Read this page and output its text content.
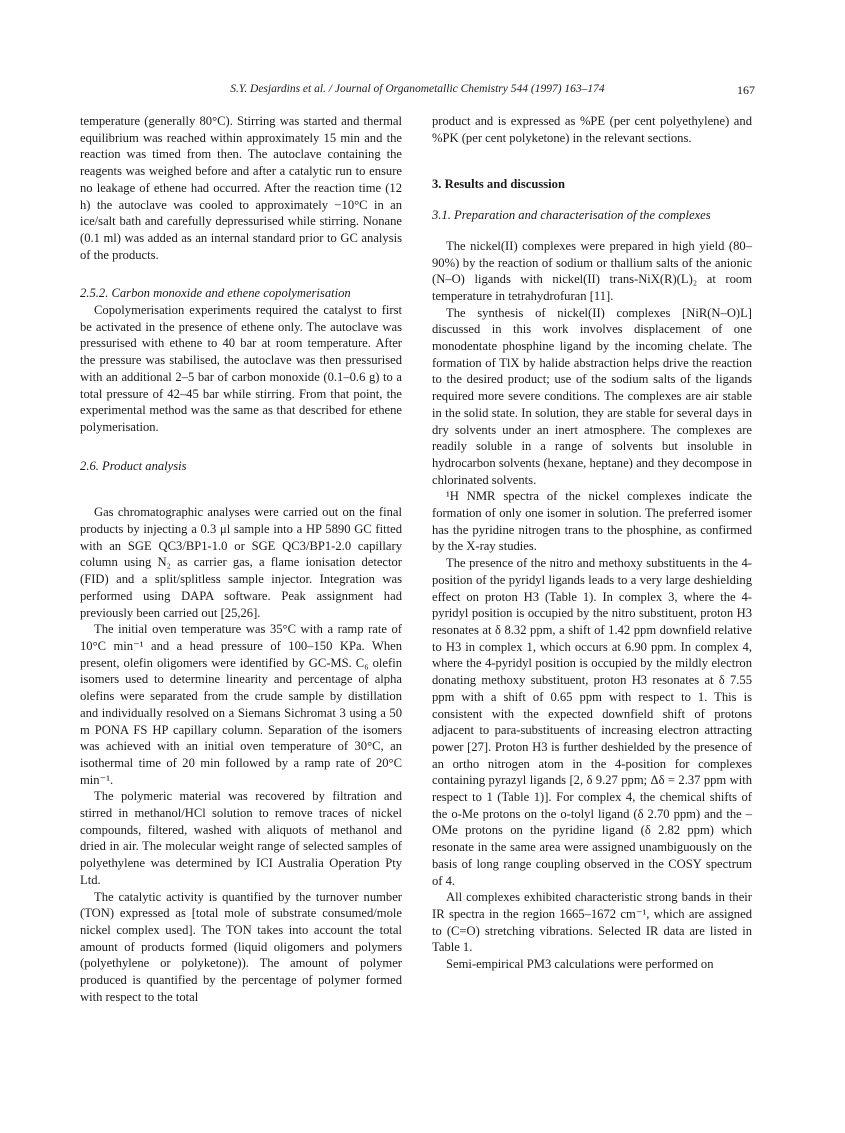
S.Y. Desjardins et al. / Journal of Organometallic Chemistry 544 (1997) 163–174	167

temperature (generally 80°C). Stirring was started and thermal equilibrium was reached within approximately 15 min and the reaction was timed from then. The autoclave containing the reagents was weighed before and after a catalytic run to ensure no leakage of ethene had occurred. After the reaction time (12 h) the autoclave was cooled to approximately −10°C in an ice/salt bath and carefully depressurised while stirring. Nonane (0.1 ml) was added as an internal standard prior to GC analysis of the products.

2.5.2. Carbon monoxide and ethene copolymerisation

Copolymerisation experiments required the catalyst to first be activated in the presence of ethene only. The autoclave was pressurised with ethene to 40 bar at room temperature. After the pressure was stabilised, the autoclave was then pressurised with an additional 2–5 bar of carbon monoxide (0.1–0.6 g) to a total pressure of 42–45 bar while stirring. From that point, the experimental method was the same as that described for ethene polymerisation.

2.6. Product analysis

Gas chromatographic analyses were carried out on the final products by injecting a 0.3 μl sample into a HP 5890 GC fitted with an SGE QC3/BP1-1.0 or SGE QC3/BP1-2.0 capillary column using N₂ as carrier gas, a flame ionisation detector (FID) and a split/splitless sample injector. Integration was performed using DAPA software. Peak assignment had previously been carried out [25,26].

The initial oven temperature was 35°C with a ramp rate of 10°C min⁻¹ and a head pressure of 100–150 KPa. When present, olefin oligomers were identified by GC-MS. C₆ olefin isomers used to determine linearity and percentage of alpha olefins were separated from the crude sample by distillation and individually resolved on a Siemans Sichromat 3 using a 50 m PONA FS HP capillary column. Separation of the isomers was achieved with an initial oven temperature of 30°C, an isothermal time of 20 min followed by a ramp rate of 20°C min⁻¹.

The polymeric material was recovered by filtration and stirred in methanol/HCl solution to remove traces of nickel compounds, filtered, washed with aliquots of methanol and dried in air. The molecular weight range of selected samples of polyethylene was determined by ICI Australia Operation Pty Ltd.

The catalytic activity is quantified by the turnover number (TON) expressed as [total mole of substrate consumed/mole nickel complex used]. The TON takes into account the total amount of products formed (liquid oligomers and polymers (polyethylene or polyketone)). The amount of polymer produced is quantified by the percentage of polymer formed with respect to the total

product and is expressed as %PE (per cent polyethylene) and %PK (per cent polyketone) in the relevant sections.

3. Results and discussion
3.1. Preparation and characterisation of the complexes

The nickel(II) complexes were prepared in high yield (80–90%) by the reaction of sodium or thallium salts of the anionic (N–O) ligands with nickel(II) trans-NiX(R)(L)₂ at room temperature in tetrahydrofuran [11].

The synthesis of nickel(II) complexes [NiR(N–O)L] discussed in this work involves displacement of one monodentate phosphine ligand by the incoming chelate. The formation of TlX by halide abstraction helps drive the reaction to the desired product; use of the sodium salts of the ligands required more severe conditions. The complexes are air stable in the solid state. In solution, they are stable for several days in dry solvents under an inert atmosphere. The complexes are readily soluble in a range of solvents but insoluble in hydrocarbon solvents (hexane, heptane) and they decompose in chlorinated solvents.

¹H NMR spectra of the nickel complexes indicate the formation of only one isomer in solution. The preferred isomer has the pyridine nitrogen trans to the phosphine, as confirmed by the X-ray studies.

The presence of the nitro and methoxy substituents in the 4-position of the pyridyl ligands leads to a very large deshielding effect on proton H3 (Table 1). In complex 3, where the 4-pyridyl position is occupied by the nitro substituent, proton H3 resonates at δ 8.32 ppm, a shift of 1.42 ppm downfield relative to H3 in complex 1, which occurs at 6.90 ppm. In complex 4, where the 4-pyridyl position is occupied by the mildly electron donating methoxy substituent, proton H3 resonates at δ 7.55 ppm with a shift of 0.65 ppm with respect to 1. This is consistent with the expected downfield shift of protons adjacent to para-substituents of increasing electron attracting power [27]. Proton H3 is further deshielded by the presence of an ortho nitrogen atom in the 4-position for complexes containing pyrazyl ligands [2, δ 9.27 ppm; Δδ = 2.37 ppm with respect to 1 (Table 1)]. For complex 4, the chemical shifts of the o-Me protons on the o-tolyl ligand (δ 2.70 ppm) and the –OMe protons on the pyridine ligand (δ 2.82 ppm) which resonate in the same area were assigned unambiguously on the basis of long range coupling observed in the COSY spectrum of 4.

All complexes exhibited characteristic strong bands in their IR spectra in the region 1665–1672 cm⁻¹, which are assigned to (C=O) stretching vibrations. Selected IR data are listed in Table 1.

Semi-empirical PM3 calculations were performed on
